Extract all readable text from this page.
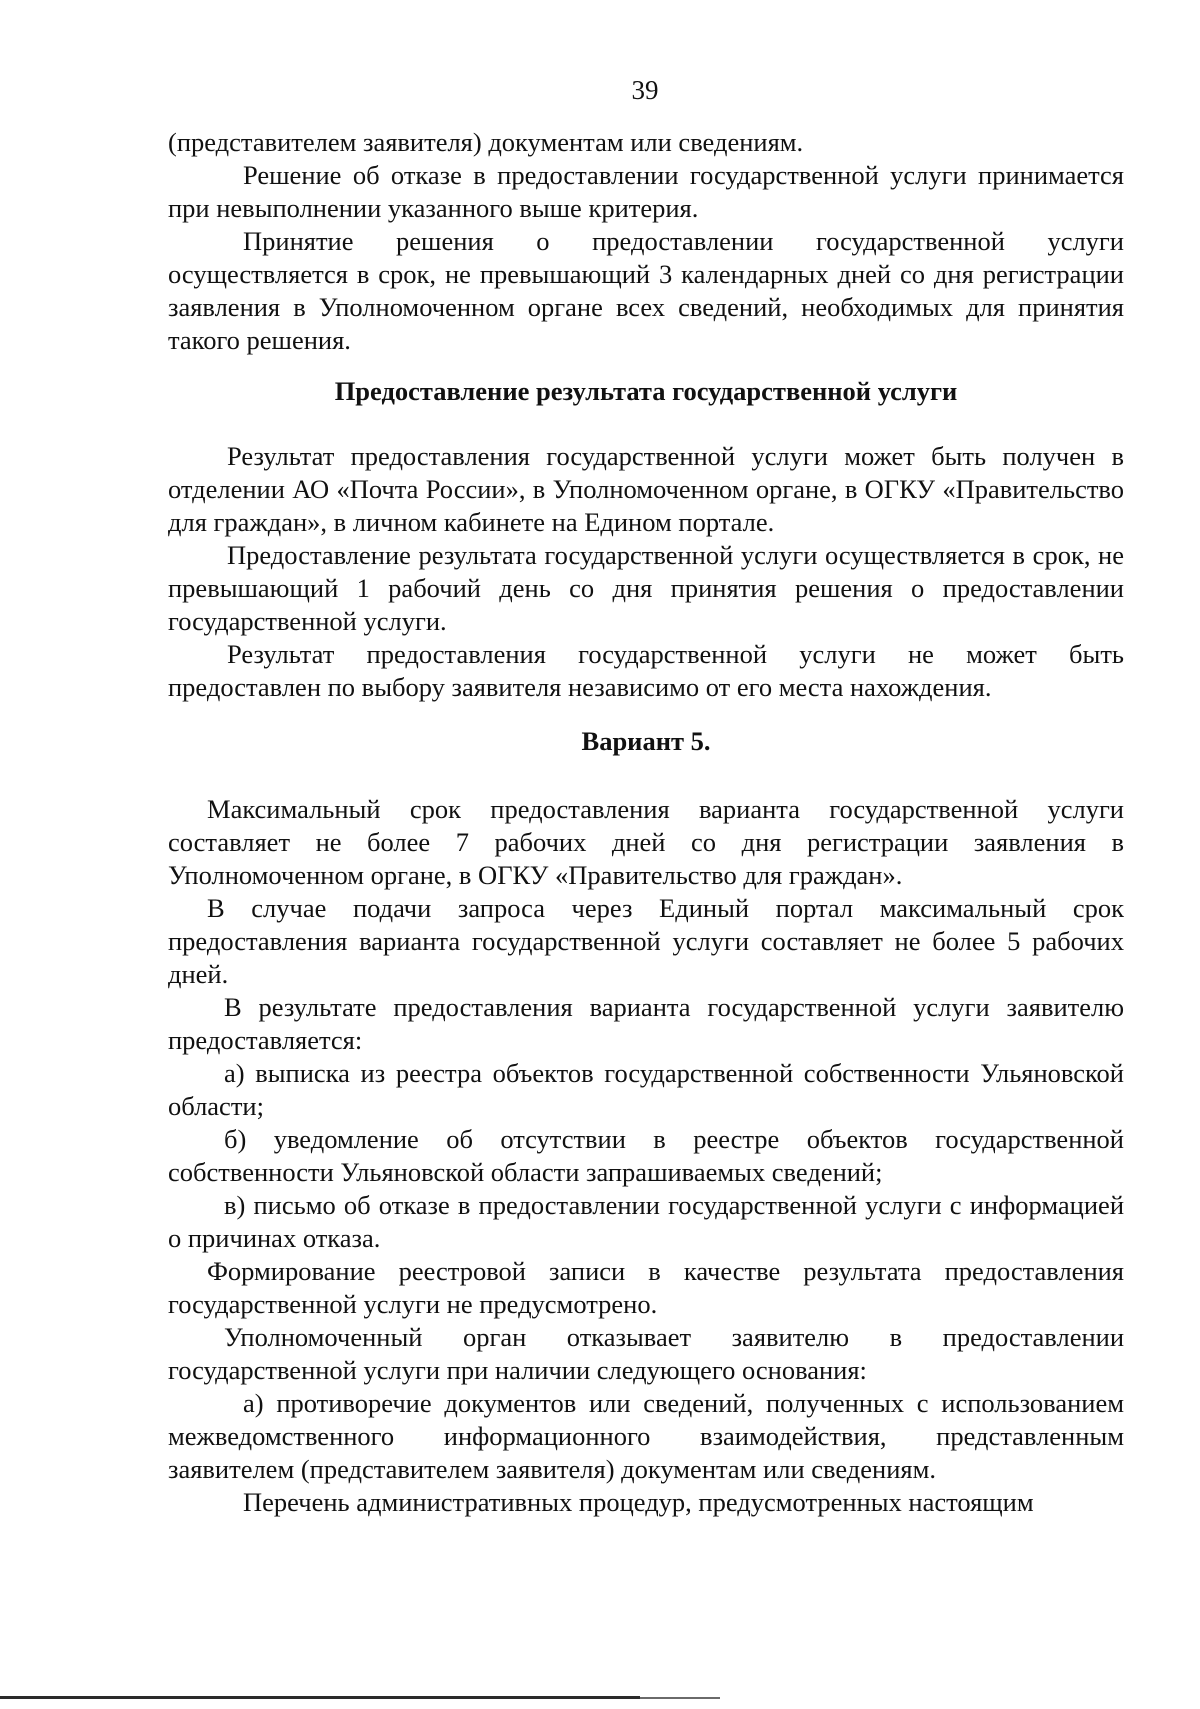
39

(представителем заявителя) документам или сведениям.

Решение об отказе в предоставлении государственной услуги принимается при невыполнении указанного выше критерия.

Принятие решения о предоставлении государственной услуги осуществляется в срок, не превышающий 3 календарных дней со дня регистрации заявления в Уполномоченном органе всех сведений, необходимых для принятия такого решения.

Предоставление результата государственной услуги

Результат предоставления государственной услуги может быть получен в отделении АО «Почта России», в Уполномоченном органе, в ОГКУ «Правительство для граждан», в личном кабинете на Едином портале.

Предоставление результата государственной услуги осуществляется в срок, не превышающий 1 рабочий день со дня принятия решения о предоставлении государственной услуги.

Результат предоставления государственной услуги не может быть предоставлен по выбору заявителя независимо от его места нахождения.

Вариант 5.

Максимальный срок предоставления варианта государственной услуги составляет не более 7 рабочих дней со дня регистрации заявления в Уполномоченном органе, в ОГКУ «Правительство для граждан».

В случае подачи запроса через Единый портал максимальный срок предоставления варианта государственной услуги составляет не более 5 рабочих дней.

В результате предоставления варианта государственной услуги заявителю предоставляется:

а) выписка из реестра объектов государственной собственности Ульяновской области;

б) уведомление об отсутствии в реестре объектов государственной собственности Ульяновской области запрашиваемых сведений;

в) письмо об отказе в предоставлении государственной услуги с информацией о причинах отказа.

Формирование реестровой записи в качестве результата предоставления государственной услуги не предусмотрено.

Уполномоченный орган отказывает заявителю в предоставлении государственной услуги при наличии следующего основания:

а) противоречие документов или сведений, полученных с использованием межведомственного информационного взаимодействия, представленным заявителем (представителем заявителя) документам или сведениям.

Перечень административных процедур, предусмотренных настоящим
